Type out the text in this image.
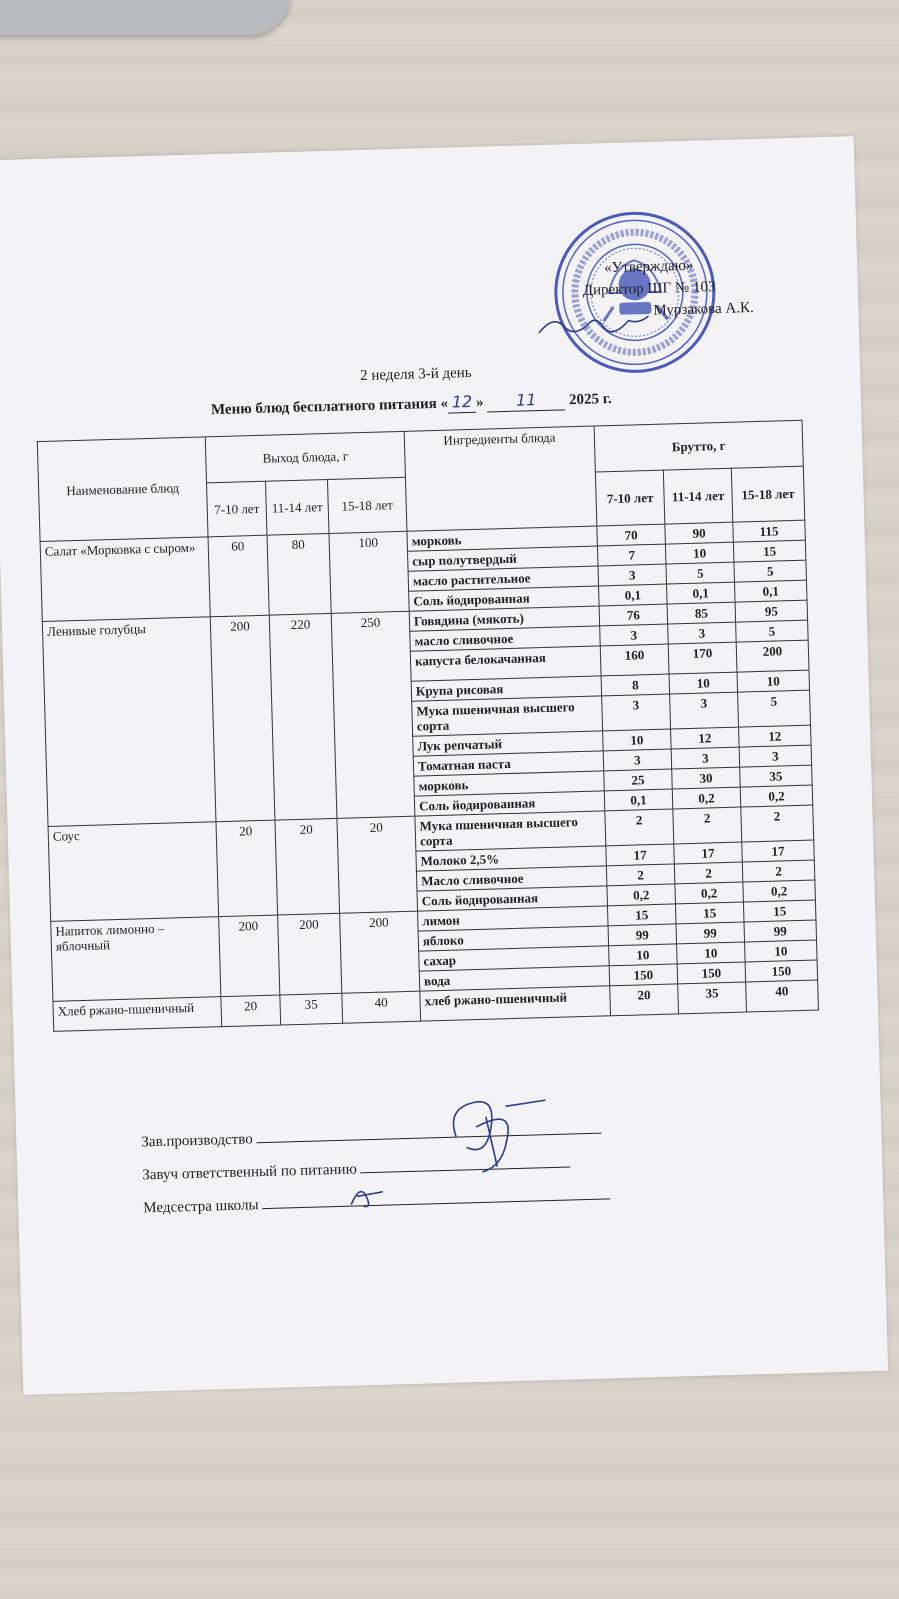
«Утверждаю»
Директор ШГ № 103
Мурзакова А.К.
2 неделя 3-й день
Меню блюд бесплатного питания « 12 » 11 2025 г.
Наименование блюд	Выход блюда, г			Ингредиенты блюда	Брутто, г		
	7-10 лет	11-14 лет	15-18 лет		7-10 лет	11-14 лет	15-18 лет
Салат «Морковка с сыром»	60	80	100	морковь	70	90	115
				сыр полутвердый	7	10	15
				масло растительное	3	5	5
				Соль йодированная	0,1	0,1	0,1
Ленивые голубцы	200	220	250	Говядина (мякоть)	76	85	95
				масло сливочное	3	3	5
				капуста белокачанная	160	170	200
				Крупа рисовая	8	10	10
				Мука пшеничная высшего сорта	3	3	5
				Лук репчатый	10	12	12
				Томатная паста	3	3	3
				морковь	25	30	35
				Соль йодированная	0,1	0,2	0,2
Соус	20	20	20	Мука пшеничная высшего сорта	2	2	2
				Молоко 2,5%	17	17	17
				Масло сливочное	2	2	2
				Соль йодированная	0,2	0,2	0,2
Напиток лимонно – яблочный	200	200	200	лимон	15	15	15
				яблоко	99	99	99
				сахар	10	10	10
				вода	150	150	150
Хлеб ржано-пшеничный	20	35	40	хлеб ржано-пшеничный	20	35	40
Зав.производство
Завуч ответственный по питанию
Медсестра школы
